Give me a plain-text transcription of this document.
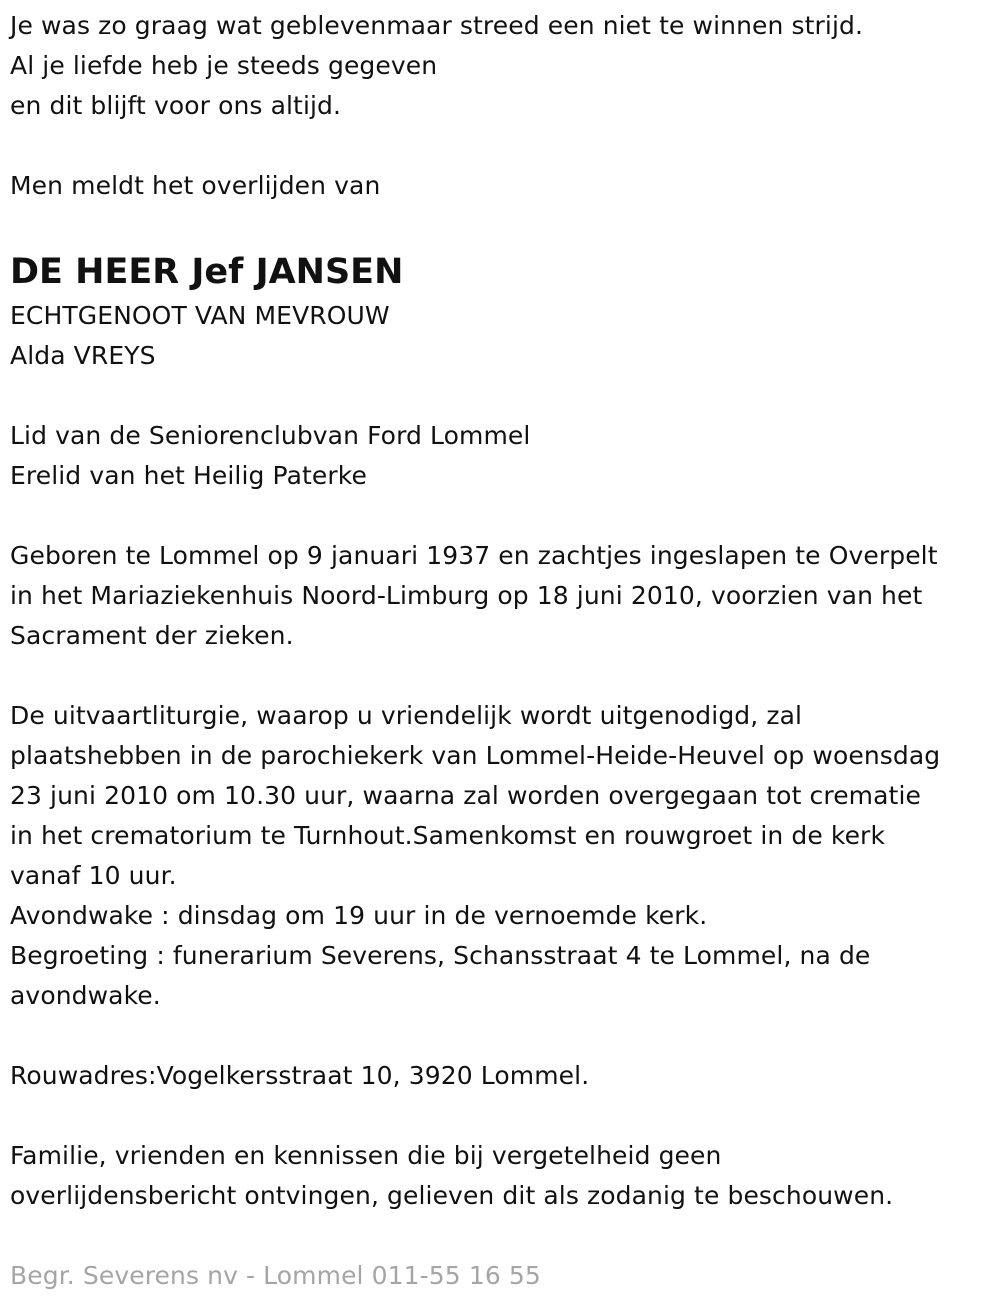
Je was zo graag wat geblevenmaar streed een niet te winnen strijd.
Al je liefde heb je steeds gegeven
en dit blijft voor ons altijd.
Men meldt het overlijden van
DE HEER Jef JANSEN
ECHTGENOOT VAN MEVROUW
Alda VREYS
Lid van de Seniorenclubvan Ford Lommel
Erelid van het Heilig Paterke
Geboren te Lommel op 9 januari 1937 en zachtjes ingeslapen te Overpelt
in het Mariaziekenhuis Noord-Limburg op 18 juni 2010, voorzien van het
Sacrament der zieken.
De uitvaartliturgie, waarop u vriendelijk wordt uitgenodigd, zal
plaatshebben in de parochiekerk van Lommel-Heide-Heuvel op woensdag
23 juni 2010 om 10.30 uur, waarna zal worden overgegaan tot crematie
in het crematorium te Turnhout.Samenkomst en rouwgroet in de kerk
vanaf 10 uur.
Avondwake : dinsdag om 19 uur in de vernoemde kerk.
Begroeting : funerarium Severens, Schansstraat 4 te Lommel, na de
avondwake.
Rouwadres:Vogelkersstraat 10, 3920 Lommel.
Familie, vrienden en kennissen die bij vergetelheid geen
overlijdensbericht ontvingen, gelieven dit als zodanig te beschouwen.
Begr. Severens nv - Lommel 011-55 16 55
